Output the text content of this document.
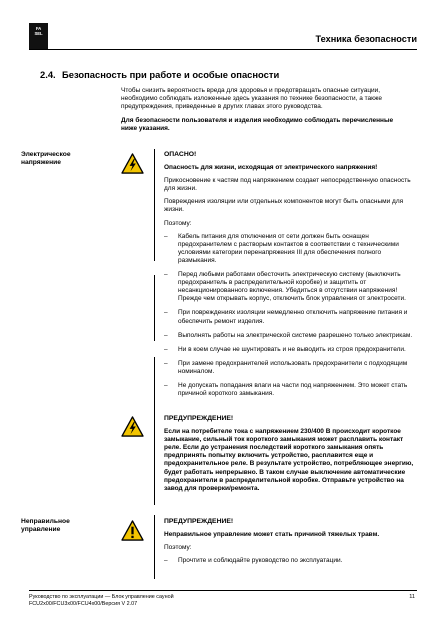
FA
SEL
Техника безопасности
2.4. Безопасность при работе и особые опасности

Чтобы снизить вероятность вреда для здоровья и предотвращать опасные ситуации, необходимо соблюдать изложенные здесь указания по технике безопасности, а также предупреждения, приведенные в других главах этого руководства.

Для безопасности пользователя и изделия необходимо соблюдать перечисленные ниже указания.

Электрическое напряжение
ОПАСНО!

Опасность для жизни, исходящая от электрического напряжения!

Прикосновение к частям под напряжением создает непосредственную опасность для жизни.

Повреждения изоляции или отдельных компонентов могут быть опасными для жизни.

Поэтому:

– Кабель питания для отключения от сети должен быть оснащен предохранителем с растворым контактов в соответствии с техническими условиями категории перенапряжения III для обеспечения полного размыкания.
– Перед любыми работами обесточить электрическую систему (выключить предохранитель в распределительной коробке) и защитить от несанкционированного включения. Убедиться в отсутствии напряжения! Прежде чем открывать корпус, отключить блок управления от электросети.
– При повреждениях изоляции немедленно отключить напряжение питания и обеспечить ремонт изделия.
– Выполнять работы на электрической системе разрешено только электрикам.
– Ни в коем случае не шунтировать и не выводить из строя предохранители.
– При замене предохранителей использовать предохранители с подходящим номиналом.
– Не допускать попадания влаги на части под напряжением. Это может стать причиной короткого замыкания.
ПРЕДУПРЕЖДЕНИЕ!

Если на потребителе тока с напряжением 230/400 В происходит короткое замыкание, сильный ток короткого замыкания может расплавить контакт реле. Если до устранения последствий короткого замыкания опять предпринять попытку включить устройство, расплавится еще и предохранительное реле. В результате устройство, потребляющее энергию, будет работать непрерывно. В таком случае выключение автоматические предохранители в распределительной коробке. Отправьте устройство на завод для проверки/ремонта.

Неправильное управление
ПРЕДУПРЕЖДЕНИЕ!

Неправильное управление может стать причиной тяжелых травм.

Поэтому:

– Прочтите и соблюдайте руководство по эксплуатации.
Руководство по эксплуатации — Блок управление сауной
FCU2x00/FCU3x00/FCU4x00/Версия V 2.07
11
